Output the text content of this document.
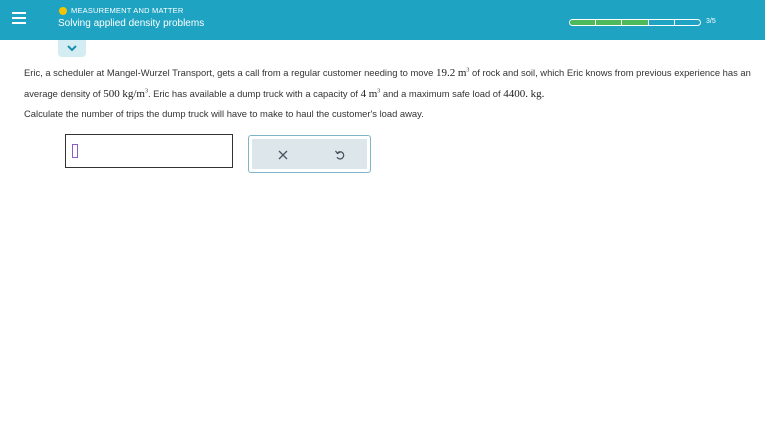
MEASUREMENT AND MATTER
Solving applied density problems	3/5
Eric, a scheduler at Mangel-Wurzel Transport, gets a call from a regular customer needing to move 19.2 $m^3$ of rock and soil, which Eric knows from previous experience has an average density of 500 $kg/m^3$. Eric has available a dump truck with a capacity of 4 $m^3$ and a maximum safe load of 4400. kg.
Calculate the number of trips the dump truck will have to make to haul the customer's load away.
